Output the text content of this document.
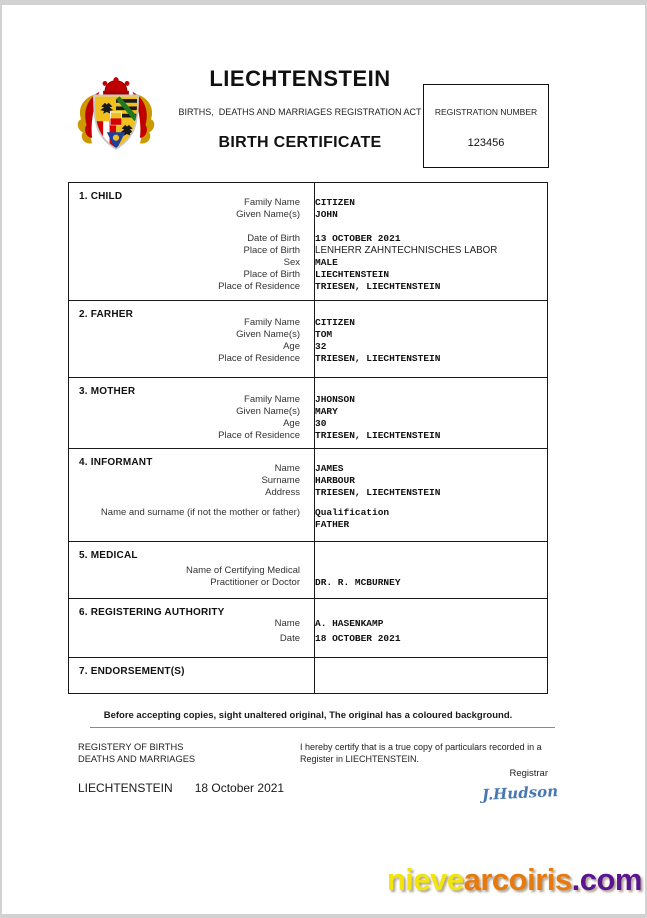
LIECHTENSTEIN
BIRTHS,  DEATHS AND MARRIAGES REGISTRATION ACT
BIRTH CERTIFICATE
REGISTRATION NUMBER
123456
1. CHILD
Family Name	CITIZEN
Given Name(s)	JOHN
Date of Birth	13 OCTOBER 2021
Place of Birth	LENHERR ZAHNTECHNISCHES LABOR
Sex	MALE
Place of Birth	LIECHTENSTEIN
Place of Residence	TRIESEN, LIECHTENSTEIN
2. FARHER
Family Name	CITIZEN
Given Name(s)	TOM
Age	32
Place of Residence	TRIESEN, LIECHTENSTEIN
3. MOTHER
Family Name	JHONSON
Given Name(s)	MARY
Age	30
Place of Residence	TRIESEN, LIECHTENSTEIN
4. INFORMANT
Name	JAMES
Surname	HARBOUR
Address	TRIESEN, LIECHTENSTEIN
Name and surname (if not the mother or father)	Qualification
FATHER
5. MEDICAL
Name of Certifying Medical Practitioner or Doctor	DR. R. MCBURNEY
6. REGISTERING AUTHORITY
Name	A. HASENKAMP
Date	18 OCTOBER 2021
7. ENDORSEMENT(S)
Before accepting copies, sight unaltered original, The original has a coloured background.
REGISTERY OF BIRTHS
DEATHS AND MARRIAGES
I hereby certify that is a true copy of particulars recorded in a Register in LIECHTENSTEIN.
Registrar
LIECHTENSTEIN 18 October 2021	J.Hudson
nievearcoiris.com
